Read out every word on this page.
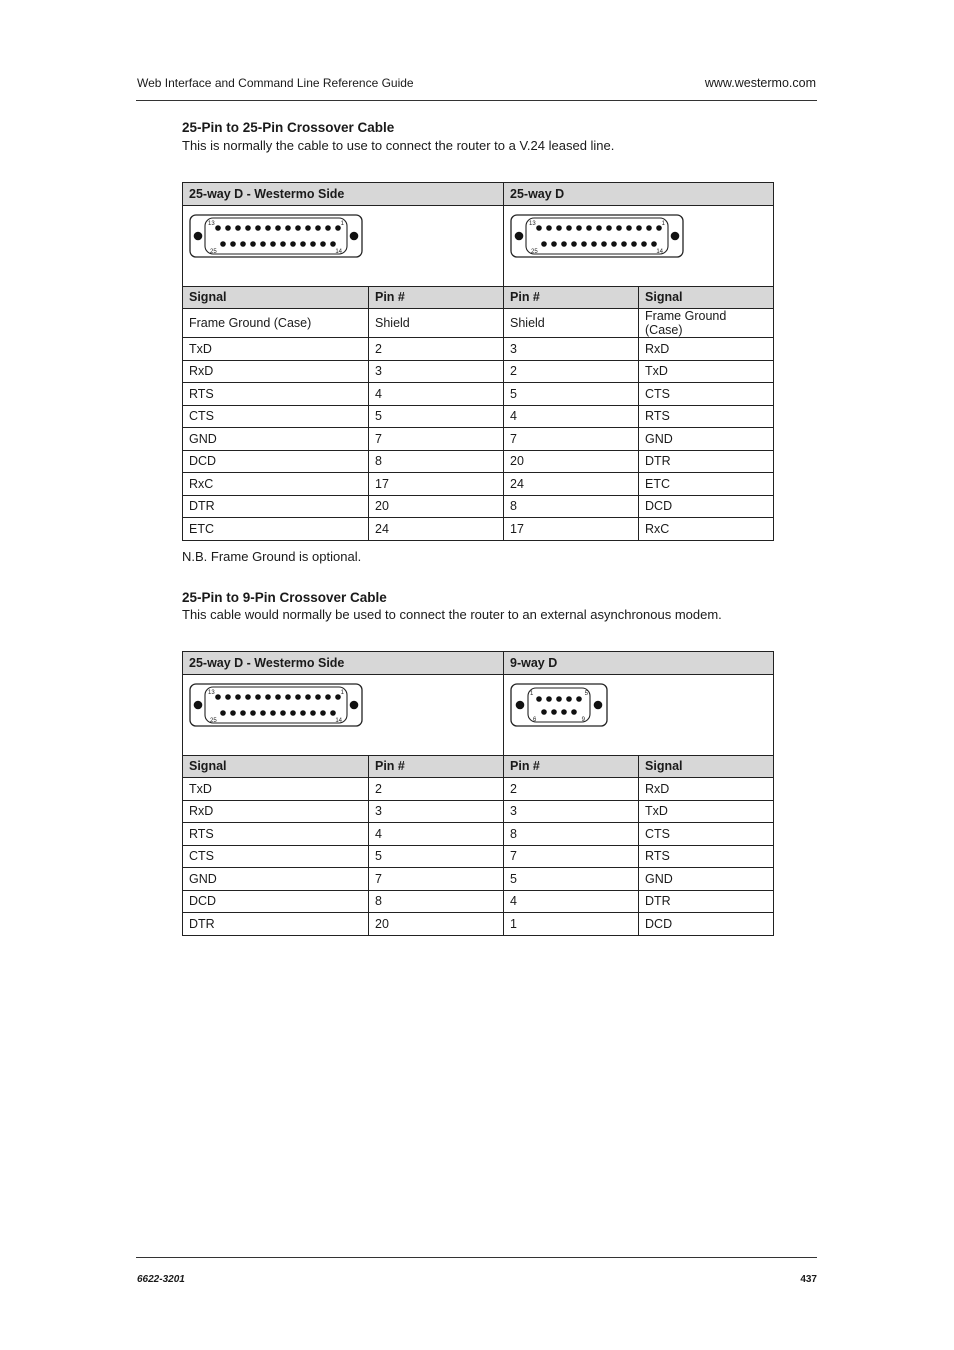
Web Interface and Command Line Reference Guide	www.westermo.com
25-Pin to 25-Pin Crossover Cable
This is normally the cable to use to connect the router to a V.24 leased line.
25-way D - Westermo Side		25-way D	

13 1
25 14		13 1
25 14	

Signal	Pin #	Pin #	Signal
Frame Ground (Case)	Shield	Shield	Frame Ground (Case)
TxD	2	3	RxD
RxD	3	2	TxD
RTS	4	5	CTS
CTS	5	4	RTS
GND	7	7	GND
DCD	8	20	DTR
RxC	17	24	ETC
DTR	20	8	DCD
ETC	24	17	RxC
N.B. Frame Ground is optional.
25-Pin to 9-Pin Crossover Cable
This cable would normally be used to connect the router to an external asynchronous modem.
25-way D - Westermo Side		9-way D	

13 1
25 14		1 5
6 9	

Signal	Pin #	Pin #	Signal
TxD	2	2	RxD
RxD	3	3	TxD
RTS	4	8	CTS
CTS	5	7	RTS
GND	7	5	GND
DCD	8	4	DTR
DTR	20	1	DCD
6622-3201	437
